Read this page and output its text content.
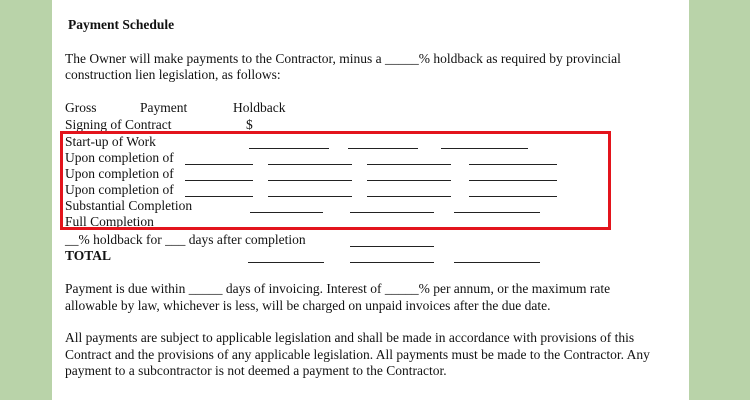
Payment Schedule
The Owner will make payments to the Contractor, minus a _____% holdback as required by provincial
construction lien legislation, as follows:
Gross	Payment	Holdback
Signing of Contract	$
Start-up of Work
Upon completion of
Upon completion of
Upon completion of
Substantial Completion
Full Completion
__% holdback for ___ days after completion
TOTAL
Payment is due within _____ days of invoicing. Interest of _____% per annum, or the maximum rate
allowable by law, whichever is less, will be charged on unpaid invoices after the due date.
All payments are subject to applicable legislation and shall be made in accordance with provisions of this
Contract and the provisions of any applicable legislation. All payments must be made to the Contractor. Any
payment to a subcontractor is not deemed a payment to the Contractor.
